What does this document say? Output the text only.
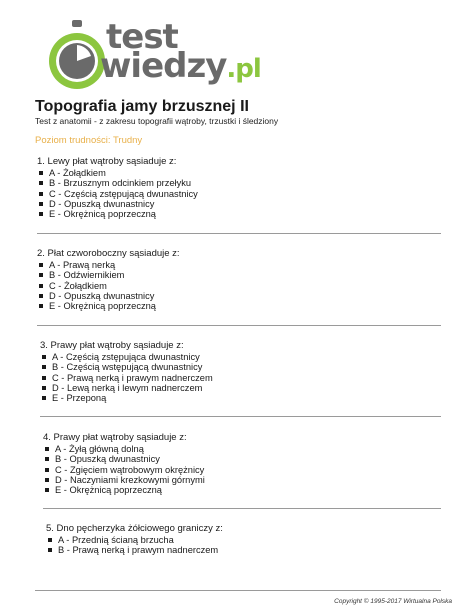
test
wiedzy.pl
Topografia jamy brzusznej II
Test z anatomii - z zakresu topografii wątroby, trzustki i śledziony
Poziom trudności: Trudny
1. Lewy płat wątroby sąsiaduje z:
A - Żołądkiem
B - Brzusznym odcinkiem przełyku
C - Częścią zstępującą dwunastnicy
D - Opuszką dwunastnicy
E - Okrężnicą poprzeczną
2. Płat czworoboczny sąsiaduje z:
A - Prawą nerką
B - Odźwiernikiem
C - Żołądkiem
D - Opuszką dwunastnicy
E - Okrężnicą poprzeczną
3. Prawy płat wątroby sąsiaduje z:
A - Częścią zstępująca dwunastnicy
B - Częścią wstępującą dwunastnicy
C - Prawą nerką i prawym nadnerczem
D - Lewą nerką i lewym nadnerczem
E - Przeponą
4. Prawy płat wątroby sąsiaduje z:
A - Żyłą główną dolną
B - Opuszką dwunastnicy
C - Zgięciem wątrobowym okrężnicy
D - Naczyniami krezkowymi górnymi
E - Okrężnicą poprzeczną
5. Dno pęcherzyka żółciowego graniczy z:
A - Przednią ścianą brzucha
B - Prawą nerką i prawym nadnerczem
Copyright © 1995-2017 Wirtualna Polska
